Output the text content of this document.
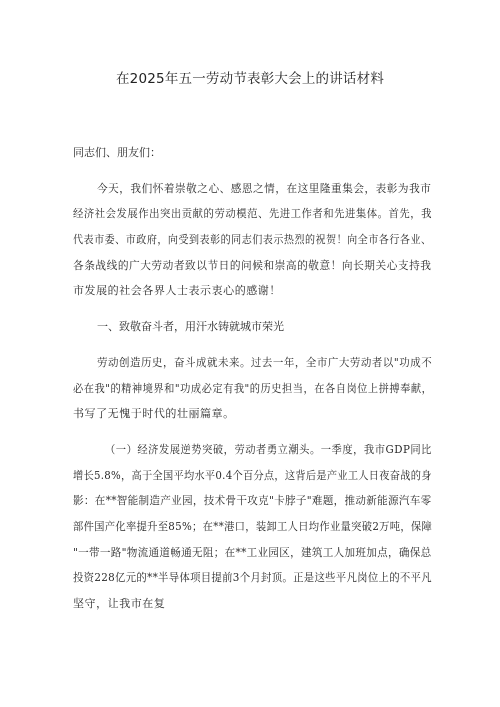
在2025年五一劳动节表彰大会上的讲话材料
同志们、朋友们：
今天，我们怀着崇敬之心、感恩之情，在这里隆重集会，表彰为我市
经济社会发展作出突出贡献的劳动模范、先进工作者和先进集体。首先，我
代表市委、市政府，向受到表彰的同志们表示热烈的祝贺！向全市各行各业、
各条战线的广大劳动者致以节日的问候和崇高的敬意！向长期关心支持我
市发展的社会各界人士表示衷心的感谢！
一、致敬奋斗者，用汗水铸就城市荣光
劳动创造历史，奋斗成就未来。过去一年，全市广大劳动者以"功成不
必在我"的精神境界和"功成必定有我"的历史担当，在各自岗位上拼搏奉献，
书写了无愧于时代的壮丽篇章。
（一）经济发展逆势突破，劳动者勇立潮头。一季度，我市GDP同比
增长5.8%，高于全国平均水平0.4个百分点，这背后是产业工人日夜奋战的身
影：在**智能制造产业园，技术骨干攻克"卡脖子"难题，推动新能源汽车零
部件国产化率提升至85%；在**港口，装卸工人日均作业量突破2万吨，保障
"一带一路"物流通道畅通无阻；在**工业园区，建筑工人加班加点，确保总
投资228亿元的**半导体项目提前3个月封顶。正是这些平凡岗位上的不平凡
坚守，让我市在复
